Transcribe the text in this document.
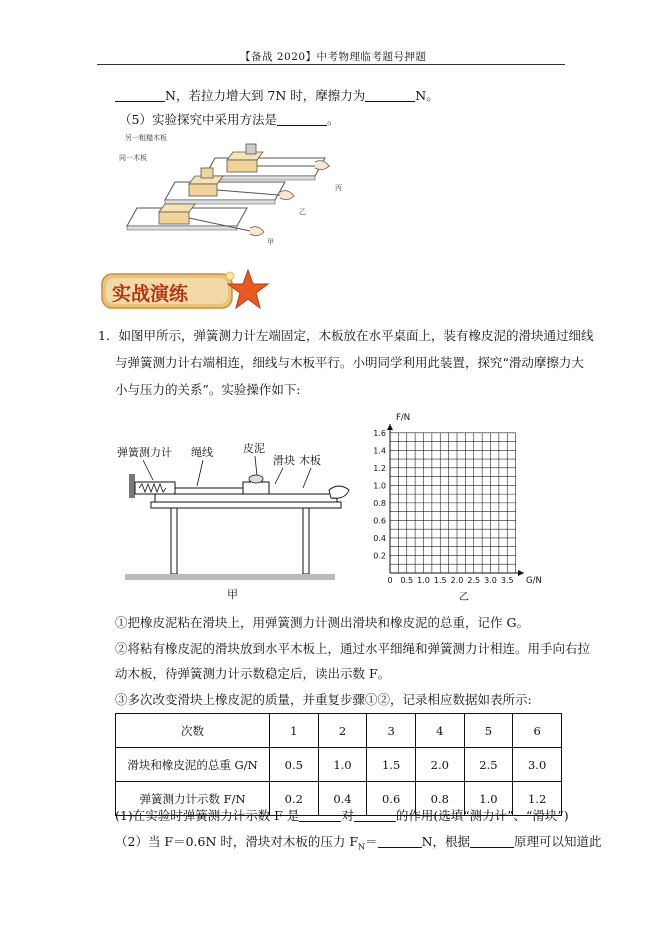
【备战 2020】中考物理临考题号押题
N，若拉力增大到 7N 时，摩擦力为	N。
（5）实验探究中采用方法是	。
另一粗糙木板
同一木板
丙
乙
甲
实战演练
1．如图甲所示，弹簧测力计左端固定，木板放在水平桌面上，装有橡皮泥的滑块通过细线
与弹簧测力计右端相连，细线与木板平行。小明同学利用此装置，探究“滑动摩擦力大
小与压力的关系”。实验操作如下:
弹簧测力计 绳线	皮泥
滑块 木板
甲
0 0.5 1.0 1.5 2.0 2.5 3.0 3.5
0.2
0.4
0.6
0.8
1.0
1.2
1.4
1.6
F/N
G/N
乙
①把橡皮泥粘在滑块上，用弹簧测力计测出滑块和橡皮泥的总重，记作 G。
②将粘有橡皮泥的滑块放到水平木板上，通过水平细绳和弹簧测力计相连。用手向右拉
动木板，待弹簧测力计示数稳定后，读出示数 F。
③多次改变滑块上橡皮泥的质量，并重复步骤①②，记录相应数据如表所示:
次数	1	2	3	4	5	6
滑块和橡皮泥的总重 G/N	0.5	1.0	1.5	2.0	2.5	3.0
弹簧测力计示数 F/N	0.2	0.4	0.6	0.8	1.0	1.2
(1)在实验时弹簧测力计示数 F 是	对	的作用(选填“测力计”、“滑块”)
（2）当 F＝0.6N 时，滑块对木板的压力 $F_N=$	N，根据	原理可以知道此
